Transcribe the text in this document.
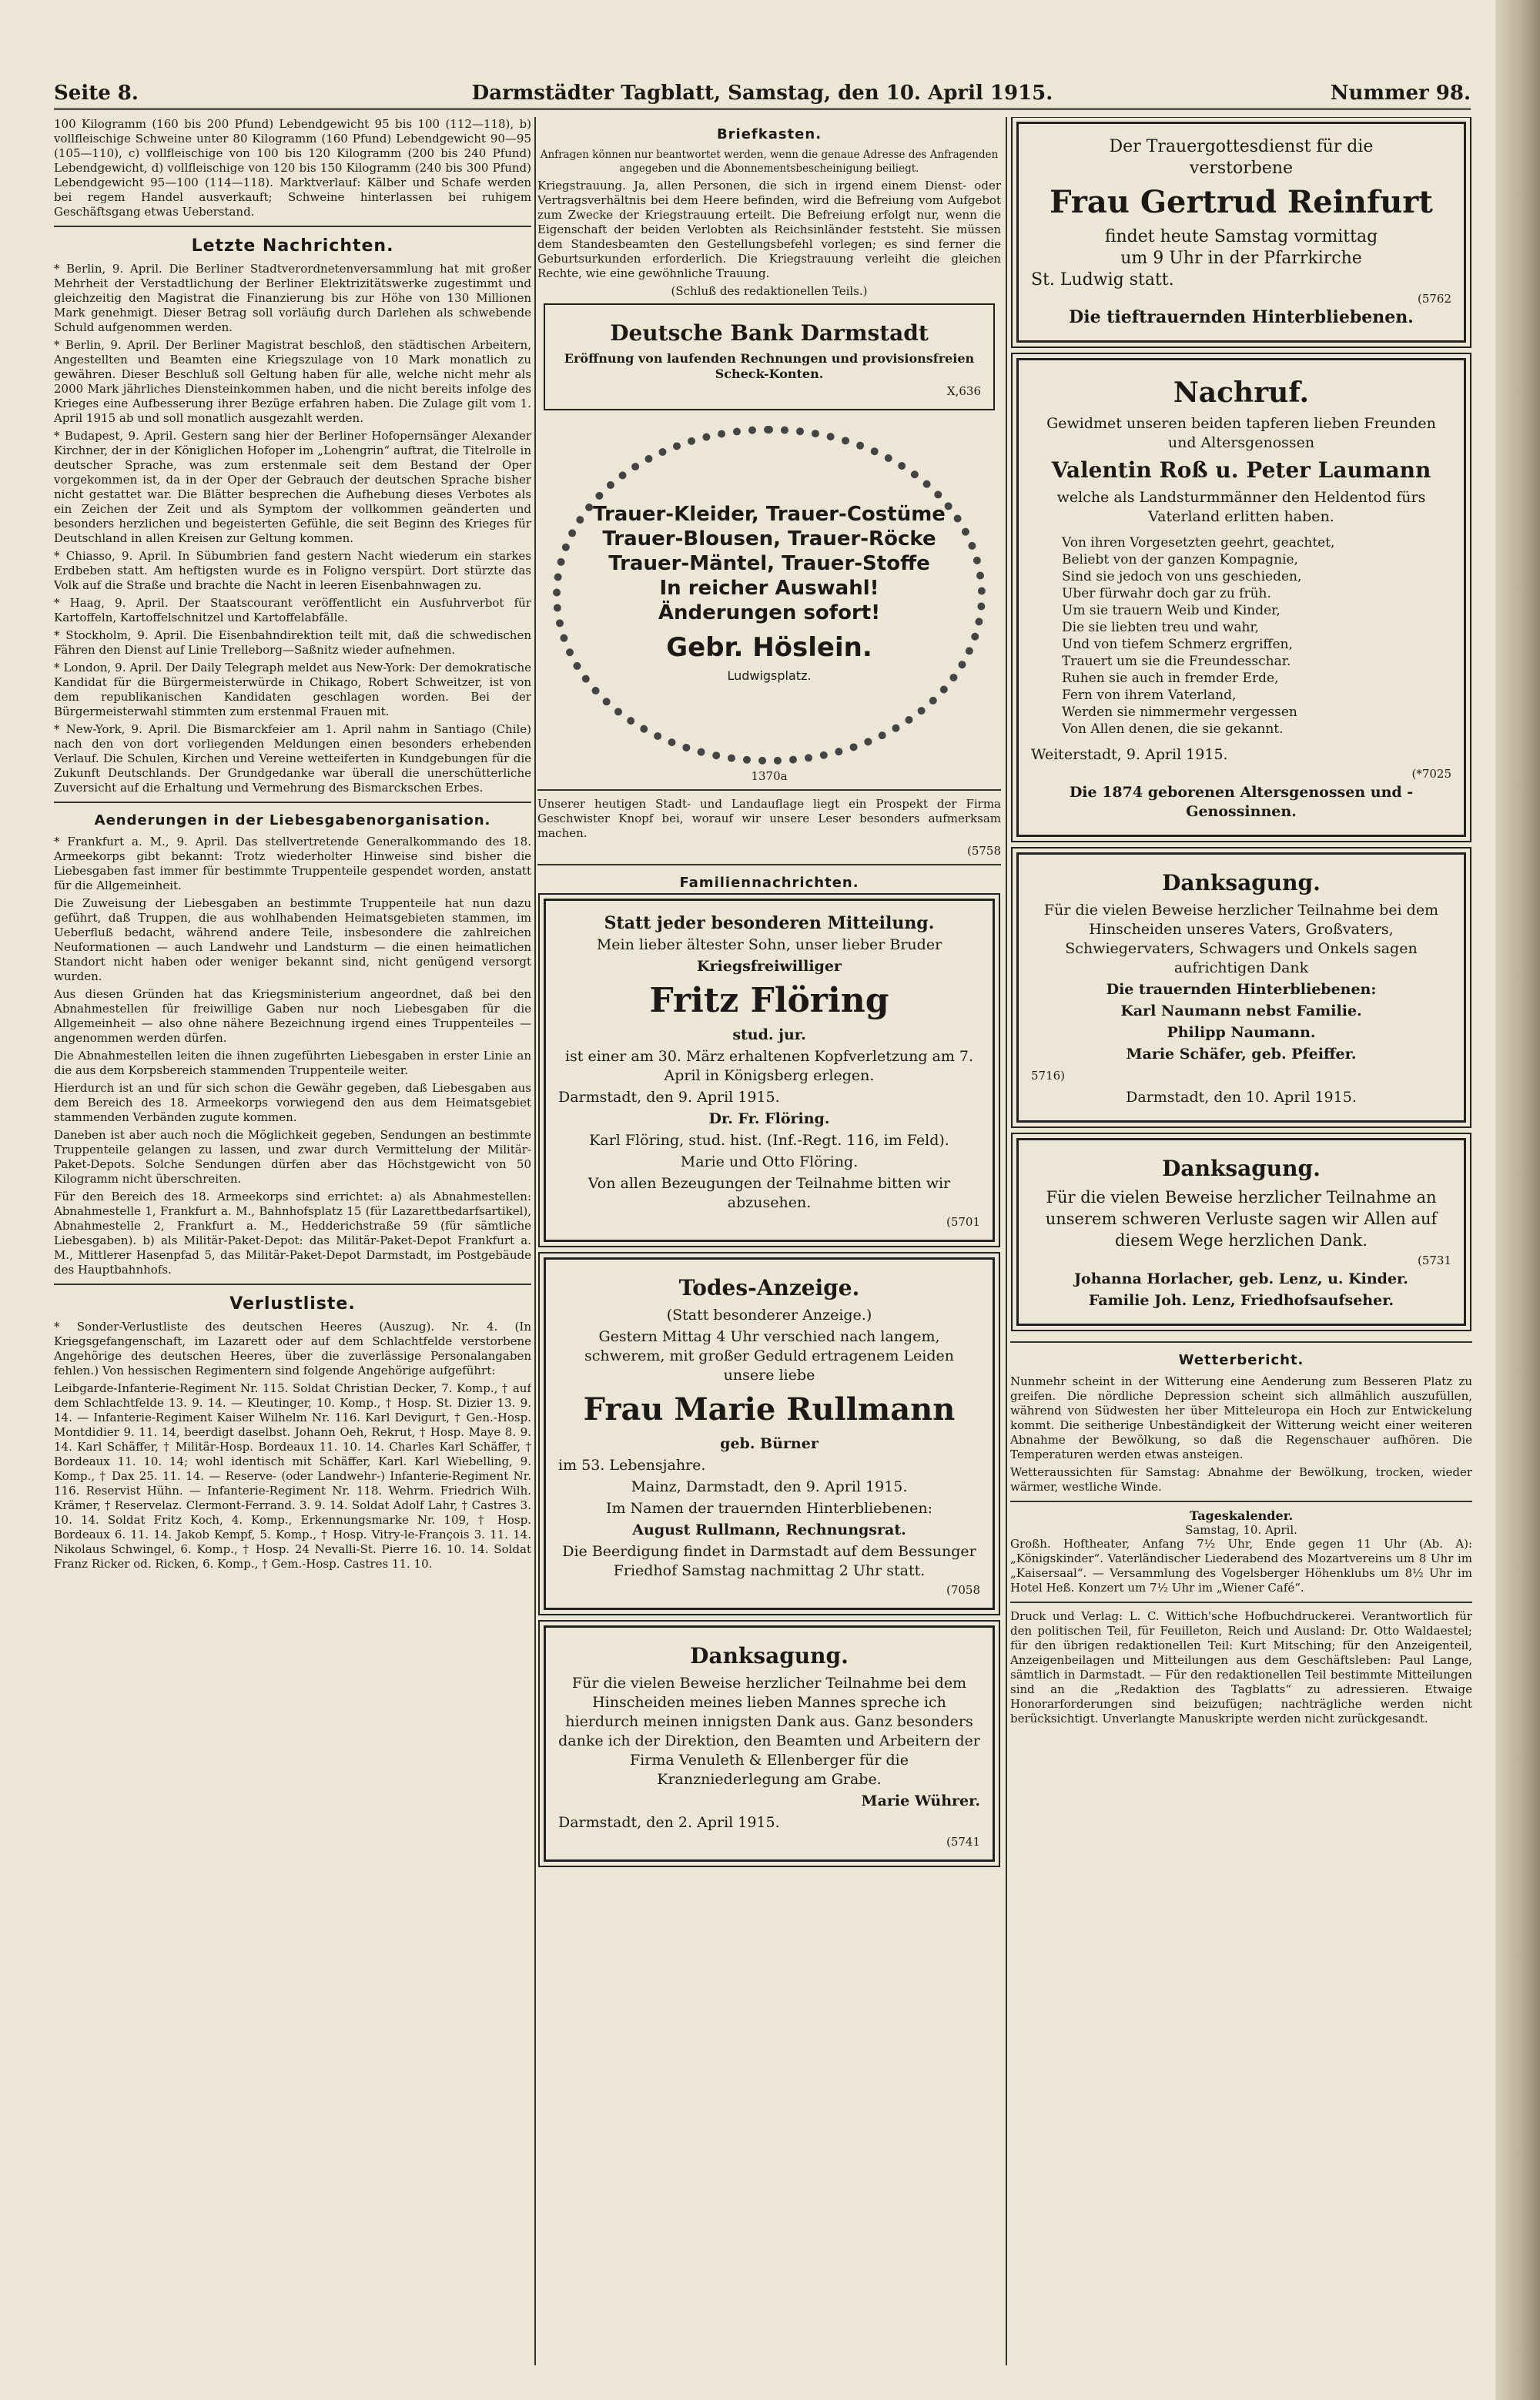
Seite 8.	Darmstädter Tagblatt, Samstag, den 10. April 1915.	Nummer 98.

100 Kilogramm (160 bis 200 Pfund) Lebendgewicht 95 bis 100 (112—118), b) vollfleischige Schweine unter 80 Kilogramm (160 Pfund) Lebendgewicht 90—95 (105—110), c) vollfleischige von 100 bis 120 Kilogramm (200 bis 240 Pfund) Lebendgewicht, d) vollfleischige von 120 bis 150 Kilogramm (240 bis 300 Pfund) Lebendgewicht 95—100 (114—118). Marktverlauf: Kälber und Schafe werden bei regem Handel ausverkauft; Schweine hinterlassen bei ruhigem Geschäftsgang etwas Ueberstand.

Letzte Nachrichten.

* Berlin, 9. April. Die Berliner Stadtverordnetenversammlung hat mit großer Mehrheit der Verstadtlichung der Berliner Elektrizitätswerke zugestimmt und gleichzeitig den Magistrat die Finanzierung bis zur Höhe von 130 Millionen Mark genehmigt. Dieser Betrag soll vorläufig durch Darlehen als schwebende Schuld aufgenommen werden.

* Berlin, 9. April. Der Berliner Magistrat beschloß, den städtischen Arbeitern, Angestellten und Beamten eine Kriegszulage von 10 Mark monatlich zu gewähren. Dieser Beschluß soll Geltung haben für alle, welche nicht mehr als 2000 Mark jährliches Diensteinkommen haben, und die nicht bereits infolge des Krieges eine Aufbesserung ihrer Bezüge erfahren haben. Die Zulage gilt vom 1. April 1915 ab und soll monatlich ausgezahlt werden.

* Budapest, 9. April. Gestern sang hier der Berliner Hofopernsänger Alexander Kirchner, der in der Königlichen Hofoper im „Lohengrin“ auftrat, die Titelrolle in deutscher Sprache, was zum erstenmale seit dem Bestand der Oper vorgekommen ist, da in der Oper der Gebrauch der deutschen Sprache bisher nicht gestattet war. Die Blätter besprechen die Aufhebung dieses Verbotes als ein Zeichen der Zeit und als Symptom der vollkommen geänderten und besonders herzlichen und begeisterten Gefühle, die seit Beginn des Krieges für Deutschland in allen Kreisen zur Geltung kommen.

* Chiasso, 9. April. In Sübumbrien fand gestern Nacht wiederum ein starkes Erdbeben statt. Am heftigsten wurde es in Foligno verspürt. Dort stürzte das Volk auf die Straße und brachte die Nacht in leeren Eisenbahnwagen zu.

* Haag, 9. April. Der Staatscourant veröffentlicht ein Ausfuhrverbot für Kartoffeln, Kartoffelschnitzel und Kartoffelabfälle.

* Stockholm, 9. April. Die Eisenbahndirektion teilt mit, daß die schwedischen Fähren den Dienst auf Linie Trelleborg—Saßnitz wieder aufnehmen.

* London, 9. April. Der Daily Telegraph meldet aus New-York: Der demokratische Kandidat für die Bürgermeisterwürde in Chikago, Robert Schweitzer, ist von dem republikanischen Kandidaten geschlagen worden. Bei der Bürgermeisterwahl stimmten zum erstenmal Frauen mit.

* New-York, 9. April. Die Bismarckfeier am 1. April nahm in Santiago (Chile) nach den von dort vorliegenden Meldungen einen besonders erhebenden Verlauf. Die Schulen, Kirchen und Vereine wetteiferten in Kundgebungen für die Zukunft Deutschlands. Der Grundgedanke war überall die unerschütterliche Zuversicht auf die Erhaltung und Vermehrung des Bismarckschen Erbes.

Aenderungen in der Liebesgabenorganisation.

* Frankfurt a. M., 9. April. Das stellvertretende Generalkommando des 18. Armeekorps gibt bekannt: Trotz wiederholter Hinweise sind bisher die Liebesgaben fast immer für bestimmte Truppenteile gespendet worden, anstatt für die Allgemeinheit.

Die Zuweisung der Liebesgaben an bestimmte Truppenteile hat nun dazu geführt, daß Truppen, die aus wohlhabenden Heimatsgebieten stammen, im Ueberfluß bedacht, während andere Teile, insbesondere die zahlreichen Neuformationen — auch Landwehr und Landsturm — die einen heimatlichen Standort nicht haben oder weniger bekannt sind, nicht genügend versorgt wurden.

Aus diesen Gründen hat das Kriegsministerium angeordnet, daß bei den Abnahmestellen für freiwillige Gaben nur noch Liebesgaben für die Allgemeinheit — also ohne nähere Bezeichnung irgend eines Truppenteiles — angenommen werden dürfen.

Die Abnahmestellen leiten die ihnen zugeführten Liebesgaben in erster Linie an die aus dem Korpsbereich stammenden Truppenteile weiter.

Hierdurch ist an und für sich schon die Gewähr gegeben, daß Liebesgaben aus dem Bereich des 18. Armeekorps vorwiegend den aus dem Heimatsgebiet stammenden Verbänden zugute kommen.

Daneben ist aber auch noch die Möglichkeit gegeben, Sendungen an bestimmte Truppenteile gelangen zu lassen, und zwar durch Vermittelung der Militär-Paket-Depots. Solche Sendungen dürfen aber das Höchstgewicht von 50 Kilogramm nicht überschreiten.

Für den Bereich des 18. Armeekorps sind errichtet: a) als Abnahmestellen: Abnahmestelle 1, Frankfurt a. M., Bahnhofsplatz 15 (für Lazarettbedarfsartikel), Abnahmestelle 2, Frankfurt a. M., Hedderichstraße 59 (für sämtliche Liebesgaben). b) als Militär-Paket-Depot: das Militär-Paket-Depot Frankfurt a. M., Mittlerer Hasenpfad 5, das Militär-Paket-Depot Darmstadt, im Postgebäude des Hauptbahnhofs.

Verlustliste.

* Sonder-Verlustliste des deutschen Heeres (Auszug). Nr. 4. (In Kriegsgefangenschaft, im Lazarett oder auf dem Schlachtfelde verstorbene Angehörige des deutschen Heeres, über die zuverlässige Personalangaben fehlen.) Von hessischen Regimentern sind folgende Angehörige aufgeführt:

Leibgarde-Infanterie-Regiment Nr. 115. Soldat Christian Decker, 7. Komp., † auf dem Schlachtfelde 13. 9. 14. — Kleutinger, 10. Komp., † Hosp. St. Dizier 13. 9. 14. — Infanterie-Regiment Kaiser Wilhelm Nr. 116. Karl Devigurt, † Gen.-Hosp. Montdidier 9. 11. 14, beerdigt daselbst. Johann Oeh, Rekrut, † Hosp. Maye 8. 9. 14. Karl Schäffer, † Militär-Hosp. Bordeaux 11. 10. 14. Charles Karl Schäffer, † Bordeaux 11. 10. 14; wohl identisch mit Schäffer, Karl. Karl Wiebelling, 9. Komp., † Dax 25. 11. 14. — Reserve- (oder Landwehr-) Infanterie-Regiment Nr. 116. Reservist Hühn. — Infanterie-Regiment Nr. 118. Wehrm. Friedrich Wilh. Krämer, † Reservelaz. Clermont-Ferrand. 3. 9. 14. Soldat Adolf Lahr, † Castres 3. 10. 14. Soldat Fritz Koch, 4. Komp., Erkennungsmarke Nr. 109, † Hosp. Bordeaux 6. 11. 14. Jakob Kempf, 5. Komp., † Hosp. Vitry-le-François 3. 11. 14. Nikolaus Schwingel, 6. Komp., † Hosp. 24 Nevalli-St. Pierre 16. 10. 14. Soldat Franz Ricker od. Ricken, 6. Komp., † Gem.-Hosp. Castres 11. 10.

Briefkasten.

Anfragen können nur beantwortet werden, wenn die genaue Adresse des Anfragenden angegeben und die Abonnementsbescheinigung beiliegt.

Kriegstrauung. Ja, allen Personen, die sich in irgend einem Dienst- oder Vertragsverhältnis bei dem Heere befinden, wird die Befreiung vom Aufgebot zum Zwecke der Kriegstrauung erteilt. Die Befreiung erfolgt nur, wenn die Eigenschaft der beiden Verlobten als Reichsinländer feststeht. Sie müssen dem Standesbeamten den Gestellungsbefehl vorlegen; es sind ferner die Geburtsurkunden erforderlich. Die Kriegstrauung verleiht die gleichen Rechte, wie eine gewöhnliche Trauung.

(Schluß des redaktionellen Teils.)

Deutsche Bank Darmstadt
Eröffnung von laufenden Rechnungen und provisionsfreien Scheck-Konten.
X,636
Trauer-Kleider, Trauer-Costüme
Trauer-Blousen, Trauer-Röcke
Trauer-Mäntel, Trauer-Stoffe
In reicher Auswahl!
Änderungen sofort!
Gebr. Höslein.
Ludwigsplatz.
1370a

Unserer heutigen Stadt- und Landauflage liegt ein Prospekt der Firma Geschwister Knopf bei, worauf wir unsere Leser besonders aufmerksam machen.

(5758
Familiennachrichten.
Statt jeder besonderen Mitteilung.
Mein lieber ältester Sohn, unser lieber Bruder
Kriegsfreiwilliger
Fritz Flöring
stud. jur.
ist einer am 30. März erhaltenen Kopfverletzung am 7. April in Königsberg erlegen.
Darmstadt, den 9. April 1915.
Dr. Fr. Flöring.
Karl Flöring, stud. hist. (Inf.-Regt. 116, im Feld).
Marie und Otto Flöring.
Von allen Bezeugungen der Teilnahme bitten wir abzusehen.
(5701
Todes-Anzeige.
(Statt besonderer Anzeige.)
Gestern Mittag 4 Uhr verschied nach langem, schwerem, mit großer Geduld ertragenem Leiden unsere liebe
Frau Marie Rullmann
geb. Bürner
im 53. Lebensjahre.
Mainz, Darmstadt, den 9. April 1915.
Im Namen der trauernden Hinterbliebenen:
August Rullmann, Rechnungsrat.
Die Beerdigung findet in Darmstadt auf dem Bessunger Friedhof Samstag nachmittag 2 Uhr statt.
(7058
Danksagung.
Für die vielen Beweise herzlicher Teilnahme bei dem Hinscheiden meines lieben Mannes spreche ich hierdurch meinen innigsten Dank aus. Ganz besonders danke ich der Direktion, den Beamten und Arbeitern der Firma Venuleth & Ellenberger für die Kranzniederlegung am Grabe.
Marie Wührer.
Darmstadt, den 2. April 1915.
(5741
Der Trauergottesdienst für die
verstorbene
Frau Gertrud Reinfurt
findet heute Samstag vormittag
um 9 Uhr in der Pfarrkirche
St. Ludwig statt.
(5762
Die tieftrauernden Hinterbliebenen.
Nachruf.
Gewidmet unseren beiden tapferen lieben Freunden und Altersgenossen
Valentin Roß u. Peter Laumann
welche als Landsturmmänner den Heldentod fürs Vaterland erlitten haben.
Von ihren Vorgesetzten geehrt, geachtet,
Beliebt von der ganzen Kompagnie,
Sind sie jedoch von uns geschieden,
Uber fürwahr doch gar zu früh.
Um sie trauern Weib und Kinder,
Die sie liebten treu und wahr,
Und von tiefem Schmerz ergriffen,
Trauert um sie die Freundesschar.
Ruhen sie auch in fremder Erde,
Fern von ihrem Vaterland,
Werden sie nimmermehr vergessen
Von Allen denen, die sie gekannt.
Weiterstadt, 9. April 1915.
(*7025
Die 1874 geborenen Altersgenossen und -Genossinnen.
Danksagung.
Für die vielen Beweise herzlicher Teilnahme bei dem Hinscheiden unseres Vaters, Großvaters, Schwiegervaters, Schwagers und Onkels sagen aufrichtigen Dank
Die trauernden Hinterbliebenen:
Karl Naumann nebst Familie.
Philipp Naumann.
Marie Schäfer, geb. Pfeiffer.
5716)
Darmstadt, den 10. April 1915.
Danksagung.
Für die vielen Beweise herzlicher Teilnahme an unserem schweren Verluste sagen wir Allen auf diesem Wege herzlichen Dank.
(5731
Johanna Horlacher, geb. Lenz, u. Kinder.
Familie Joh. Lenz, Friedhofsaufseher.
Wetterbericht.

Nunmehr scheint in der Witterung eine Aenderung zum Besseren Platz zu greifen. Die nördliche Depression scheint sich allmählich auszufüllen, während von Südwesten her über Mitteleuropa ein Hoch zur Entwickelung kommt. Die seitherige Unbeständigkeit der Witterung weicht einer weiteren Abnahme der Bewölkung, so daß die Regenschauer aufhören. Die Temperaturen werden etwas ansteigen.

Wetteraussichten für Samstag: Abnahme der Bewölkung, trocken, wieder wärmer, westliche Winde.

Tageskalender.
Samstag, 10. April.

Großh. Hoftheater, Anfang 7½ Uhr, Ende gegen 11 Uhr (Ab. A): „Königskinder“. Vaterländischer Liederabend des Mozartvereins um 8 Uhr im „Kaisersaal“. — Versammlung des Vogelsberger Höhenklubs um 8½ Uhr im Hotel Heß. Konzert um 7½ Uhr im „Wiener Café“.

Druck und Verlag: L. C. Wittich'sche Hofbuchdruckerei. Verantwortlich für den politischen Teil, für Feuilleton, Reich und Ausland: Dr. Otto Waldaestel; für den übrigen redaktionellen Teil: Kurt Mitsching; für den Anzeigenteil, Anzeigenbeilagen und Mitteilungen aus dem Geschäftsleben: Paul Lange, sämtlich in Darmstadt. — Für den redaktionellen Teil bestimmte Mitteilungen sind an die „Redaktion des Tagblatts“ zu adressieren. Etwaige Honorarforderungen sind beizufügen; nachträgliche werden nicht berücksichtigt. Unverlangte Manuskripte werden nicht zurückgesandt.
